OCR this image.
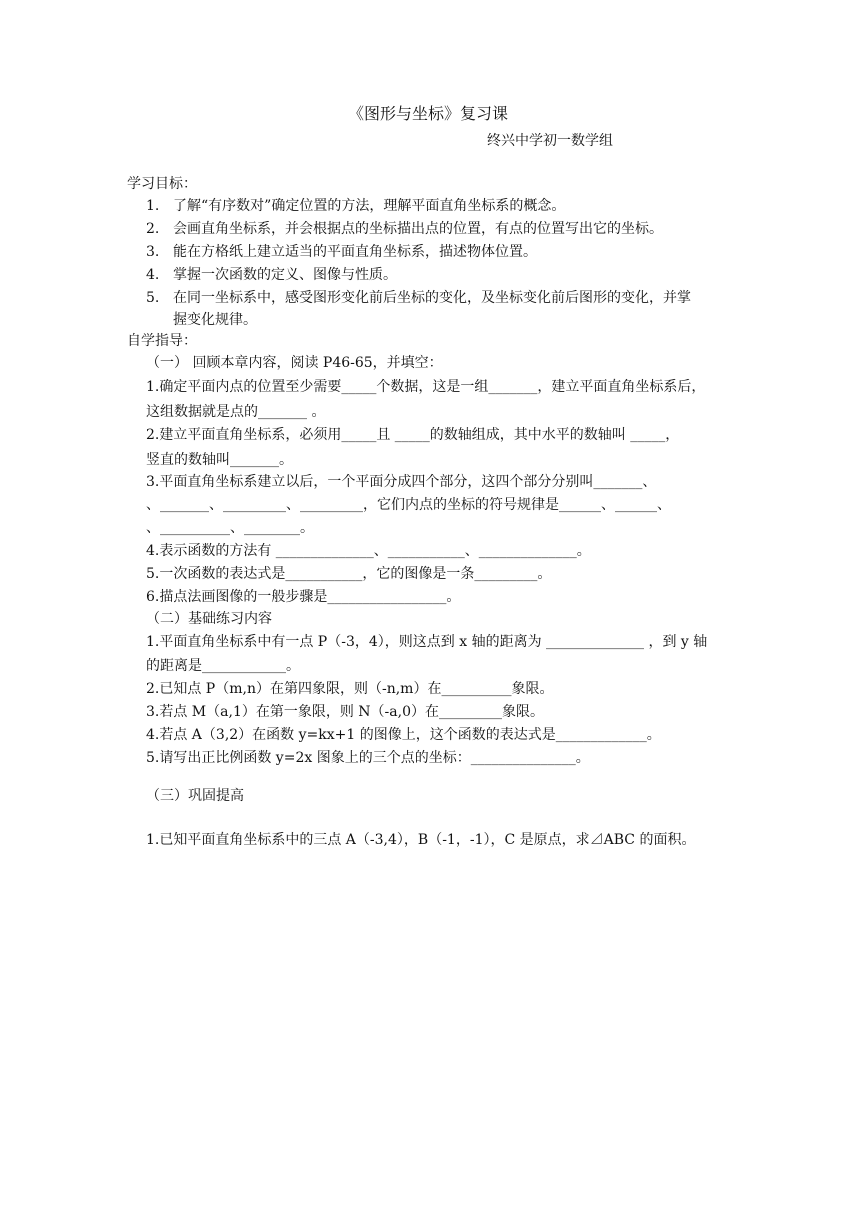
《图形与坐标》复习课
终兴中学初一数学组
学习目标：
1. 了解“有序数对”确定位置的方法，理解平面直角坐标系的概念。
2. 会画直角坐标系，并会根据点的坐标描出点的位置，有点的位置写出它的坐标。
3. 能在方格纸上建立适当的平面直角坐标系，描述物体位置。
4. 掌握一次函数的定义、图像与性质。
5. 在同一坐标系中，感受图形变化前后坐标的变化，及坐标变化前后图形的变化，并掌
握变化规律。
自学指导：
（一） 回顾本章内容，阅读 P46-65，并填空：
1.确定平面内点的位置至少需要_____个数据，这是一组_______，建立平面直角坐标系后，
这组数据就是点的_______ 。
2.建立平面直角坐标系，必须用_____且 _____的数轴组成，其中水平的数轴叫 _____，
竖直的数轴叫_______。
3.平面直角坐标系建立以后，一个平面分成四个部分，这四个部分分别叫_______、
、_______、_________、_________，它们内点的坐标的符号规律是______、______、
、__________、________。
4.表示函数的方法有 ______________、___________、______________。
5.一次函数的表达式是___________，它的图像是一条_________。
6.描点法画图像的一般步骤是_________________。
（二）基础练习内容
1.平面直角坐标系中有一点 P（-3，4），则这点到 x 轴的距离为 ______________ ，到 y 轴
的距离是____________。
2.已知点 P（m,n）在第四象限，则（-n,m）在__________象限。
3.若点 M（a,1）在第一象限，则 N（-a,0）在_________象限。
4.若点 A（3,2）在函数 y=kx+1 的图像上，这个函数的表达式是_____________。
5.请写出正比例函数 y=2x 图象上的三个点的坐标：_______________。
（三）巩固提高
1.已知平面直角坐标系中的三点 A（-3,4），B（-1，-1），C 是原点，求⊿ABC 的面积。
